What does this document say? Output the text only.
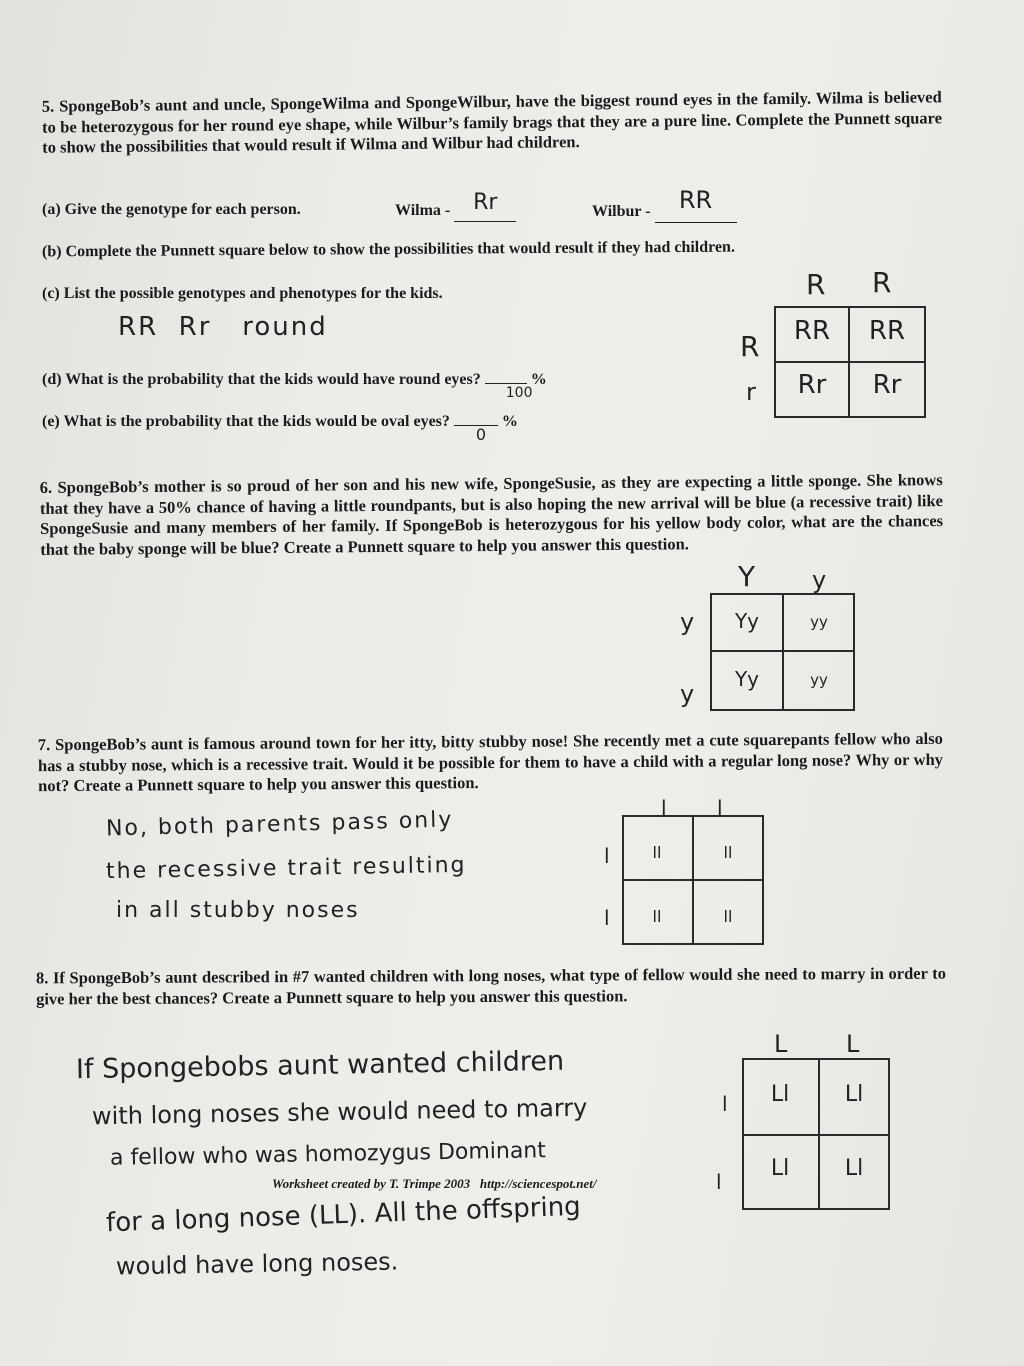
5. SpongeBob’s aunt and uncle, SpongeWilma and SpongeWilbur, have the biggest round eyes in the family. Wilma is believed to be heterozygous for her round eye shape, while Wilbur’s family brags that they are a pure line. Complete the Punnett square to show the possibilities that would result if Wilma and Wilbur had children.
(a) Give the genotype for each person.	Wilma - Rr	Wilbur - RR
(b) Complete the Punnett square below to show the possibilities that would result if they had children.
(c) List the possible genotypes and phenotypes for the kids.
RR  Rr   round
(d) What is the probability that the kids would have round eyes?
100
%
(e) What is the probability that the kids would be oval eyes?
0
%
R R
R
r
RR	RR
Rr	Rr
6. SpongeBob’s mother is so proud of her son and his new wife, SpongeSusie, as they are expecting a little sponge. She knows that they have a 50% chance of having a little roundpants, but is also hoping the new arrival will be blue (a recessive trait) like SpongeSusie and many members of her family. If SpongeBob is heterozygous for his yellow body color, what are the chances that the baby sponge will be blue? Create a Punnett square to help you answer this question.
Y y
y
y
Yy	yy
Yy	yy
7. SpongeBob’s aunt is famous around town for her itty, bitty stubby nose! She recently met a cute squarepants fellow who also has a stubby nose, which is a recessive trait. Would it be possible for them to have a child with a regular long nose? Why or why not? Create a Punnett square to help you answer this question.
No, both parents pass only
the recessive trait resulting
in all stubby noses
l	l
l
l
ll	ll
ll	ll
8. If SpongeBob’s aunt described in #7 wanted children with long noses, what type of fellow would she need to marry in order to give her the best chances? Create a Punnett square to help you answer this question.
If Spongebobs aunt wanted children
with long noses she would need to marry
a fellow who was homozygus Dominant
for a long nose (LL). All the offspring
would have long noses.
Worksheet created by T. Trimpe 2003 http://sciencespot.net/
L L
l
l
Ll	Ll
Ll	Ll
